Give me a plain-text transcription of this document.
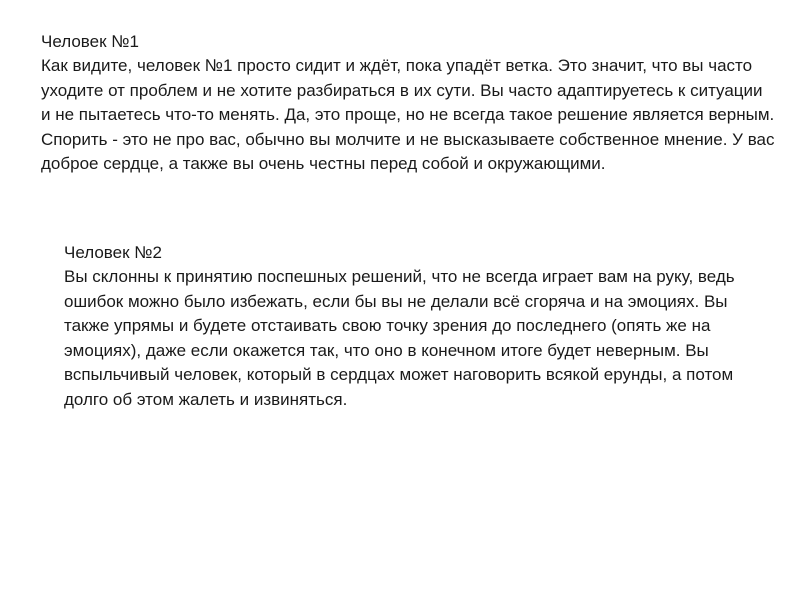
Человек №1

Как видите, человек №1 просто сидит и ждёт, пока упадёт ветка. Это значит, что вы часто уходите от проблем и не хотите разбираться в их сути. Вы часто адаптируетесь к ситуации и не пытаетесь что-то менять. Да, это проще, но не всегда такое решение является верным. Спорить - это не про вас, обычно вы молчите и не высказываете собственное мнение. У вас доброе сердце, а также вы очень честны перед собой и окружающими.

Человек №2

Вы склонны к принятию поспешных решений, что не всегда играет вам на руку, ведь ошибок можно было избежать, если бы вы не делали всё сгоряча и на эмоциях. Вы также упрямы и будете отстаивать свою точку зрения до последнего (опять же на эмоциях), даже если окажется так, что оно в конечном итоге будет неверным. Вы вспыльчивый человек, который в сердцах может наговорить всякой ерунды, а потом долго об этом жалеть и извиняться.
